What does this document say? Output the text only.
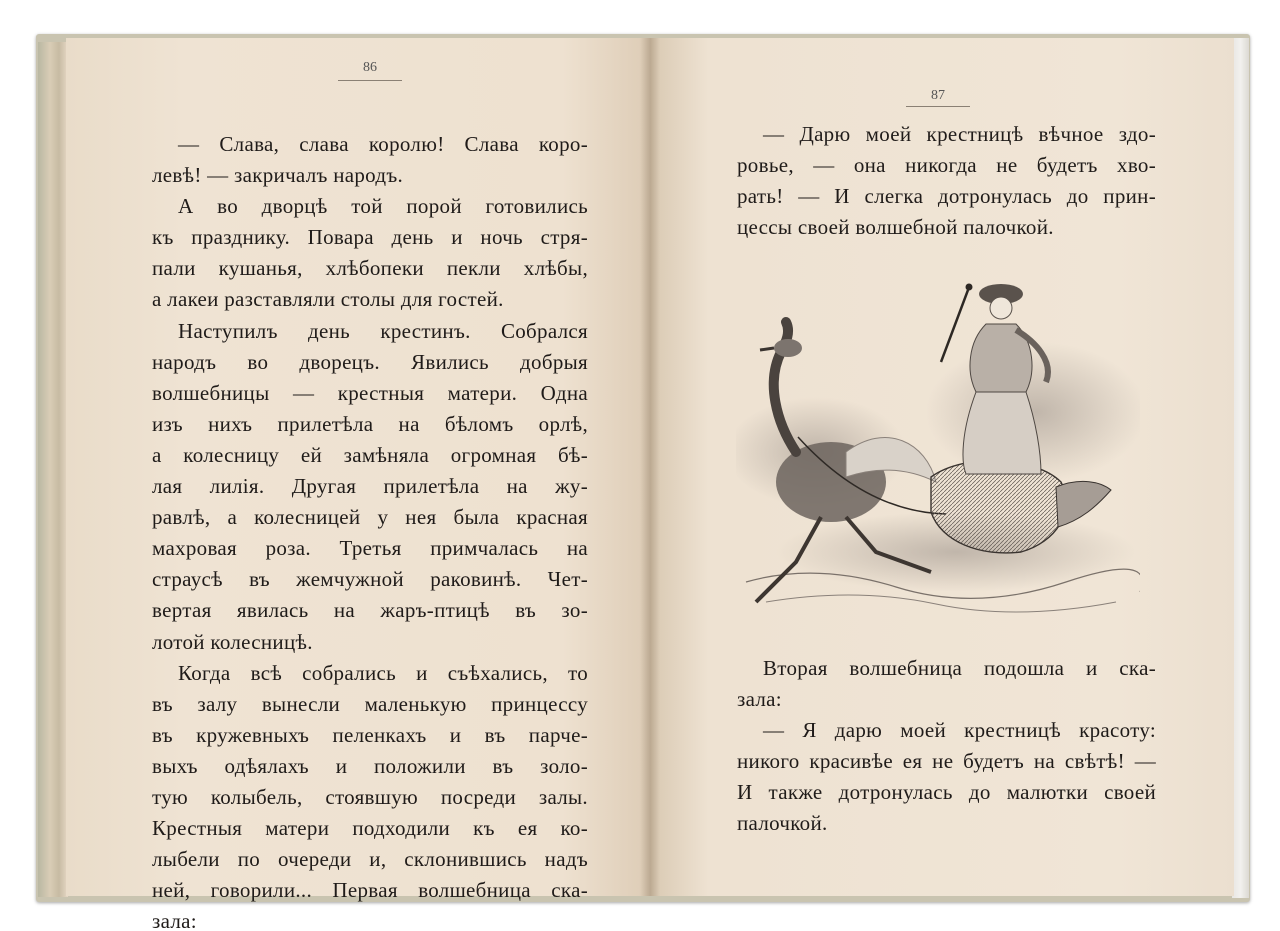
86
87
— Слава, слава королю! Слава коро-
левѣ! — закричалъ народъ.
А во дворцѣ той порой готовились
къ празднику. Повара день и ночь стря-
пали кушанья, хлѣбопеки пекли хлѣбы,
а лакеи разставляли столы для гостей.
Наступилъ день крестинъ. Собрался
народъ во дворецъ. Явились добрыя
волшебницы — крестныя матери. Одна
изъ нихъ прилетѣла на бѣломъ орлѣ,
а колесницу ей замѣняла огромная бѣ-
лая лилія. Другая прилетѣла на жу-
равлѣ, а колесницей у нея была красная
махровая роза. Третья примчалась на
страусѣ въ жемчужной раковинѣ. Чет-
вертая явилась на жаръ-птицѣ въ зо-
лотой колесницѣ.
Когда всѣ собрались и съѣхались, то
въ залу вынесли маленькую принцессу
въ кружевныхъ пеленкахъ и въ парче-
выхъ одѣялахъ и положили въ золо-
тую колыбель, стоявшую посреди залы.
Крестныя матери подходили къ ея ко-
лыбели по очереди и, склонившись надъ
ней, говорили... Первая волшебница ска-
зала:
— Дарю моей крестницѣ вѣчное здо-
ровье, — она никогда не будетъ хво-
рать! — И слегка дотронулась до прин-
цессы своей волшебной палочкой.
Вторая волшебница подошла и ска-
зала:
— Я дарю моей крестницѣ красоту:
никого красивѣе ея не будетъ на свѣтѣ! —
И также дотронулась до малютки своей
палочкой.
